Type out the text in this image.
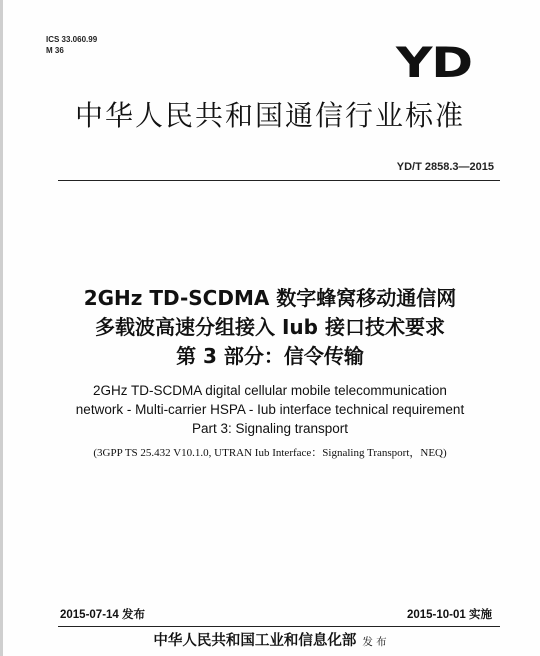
ICS 33.060.99
M 36	YD
中华人民共和国通信行业标准
YD/T 2858.3—2015
2GHz TD-SCDMA 数字蜂窝移动通信网
多载波高速分组接入 Iub 接口技术要求
第 3 部分：信令传输
2GHz TD-SCDMA digital cellular mobile telecommunication
network - Multi-carrier HSPA - Iub interface technical requirement
Part 3: Signaling transport
(3GPP TS 25.432 V10.1.0, UTRAN Iub Interface：Signaling Transport，NEQ)
2015-07-14 发布	2015-10-01 实施
中华人民共和国工业和信息化部 发 布
